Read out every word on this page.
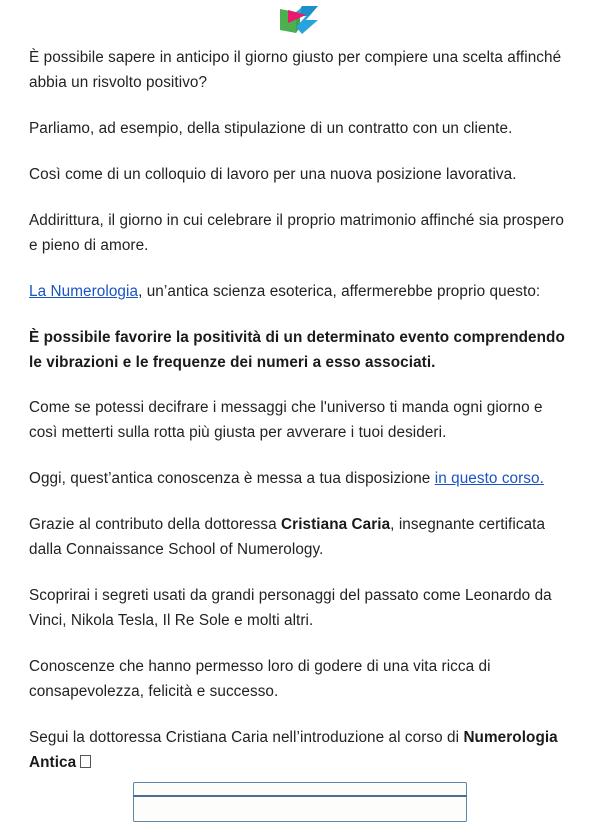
È possibile sapere in anticipo il giorno giusto per compiere una scelta affinché abbia un risvolto positivo?

Parliamo, ad esempio, della stipulazione di un contratto con un cliente.

Così come di un colloquio di lavoro per una nuova posizione lavorativa.

Addirittura, il giorno in cui celebrare il proprio matrimonio affinché sia prospero e pieno di amore.

La Numerologia, un’antica scienza esoterica, affermerebbe proprio questo:

È possibile favorire la positività di un determinato evento comprendendo le vibrazioni e le frequenze dei numeri a esso associati.

Come se potessi decifrare i messaggi che l'universo ti manda ogni giorno e così metterti sulla rotta più giusta per avverare i tuoi desideri.

Oggi, quest’antica conoscenza è messa a tua disposizione in questo corso.

Grazie al contributo della dottoressa Cristiana Caria, insegnante certificata dalla Connaissance School of Numerology.

Scoprirai i segreti usati da grandi personaggi del passato come Leonardo da Vinci, Nikola Tesla, Il Re Sole e molti altri.

Conoscenze che hanno permesso loro di godere di una vita ricca di consapevolezza, felicità e successo.

Segui la dottoressa Cristiana Caria nell’introduzione al corso di Numerologia Antica
